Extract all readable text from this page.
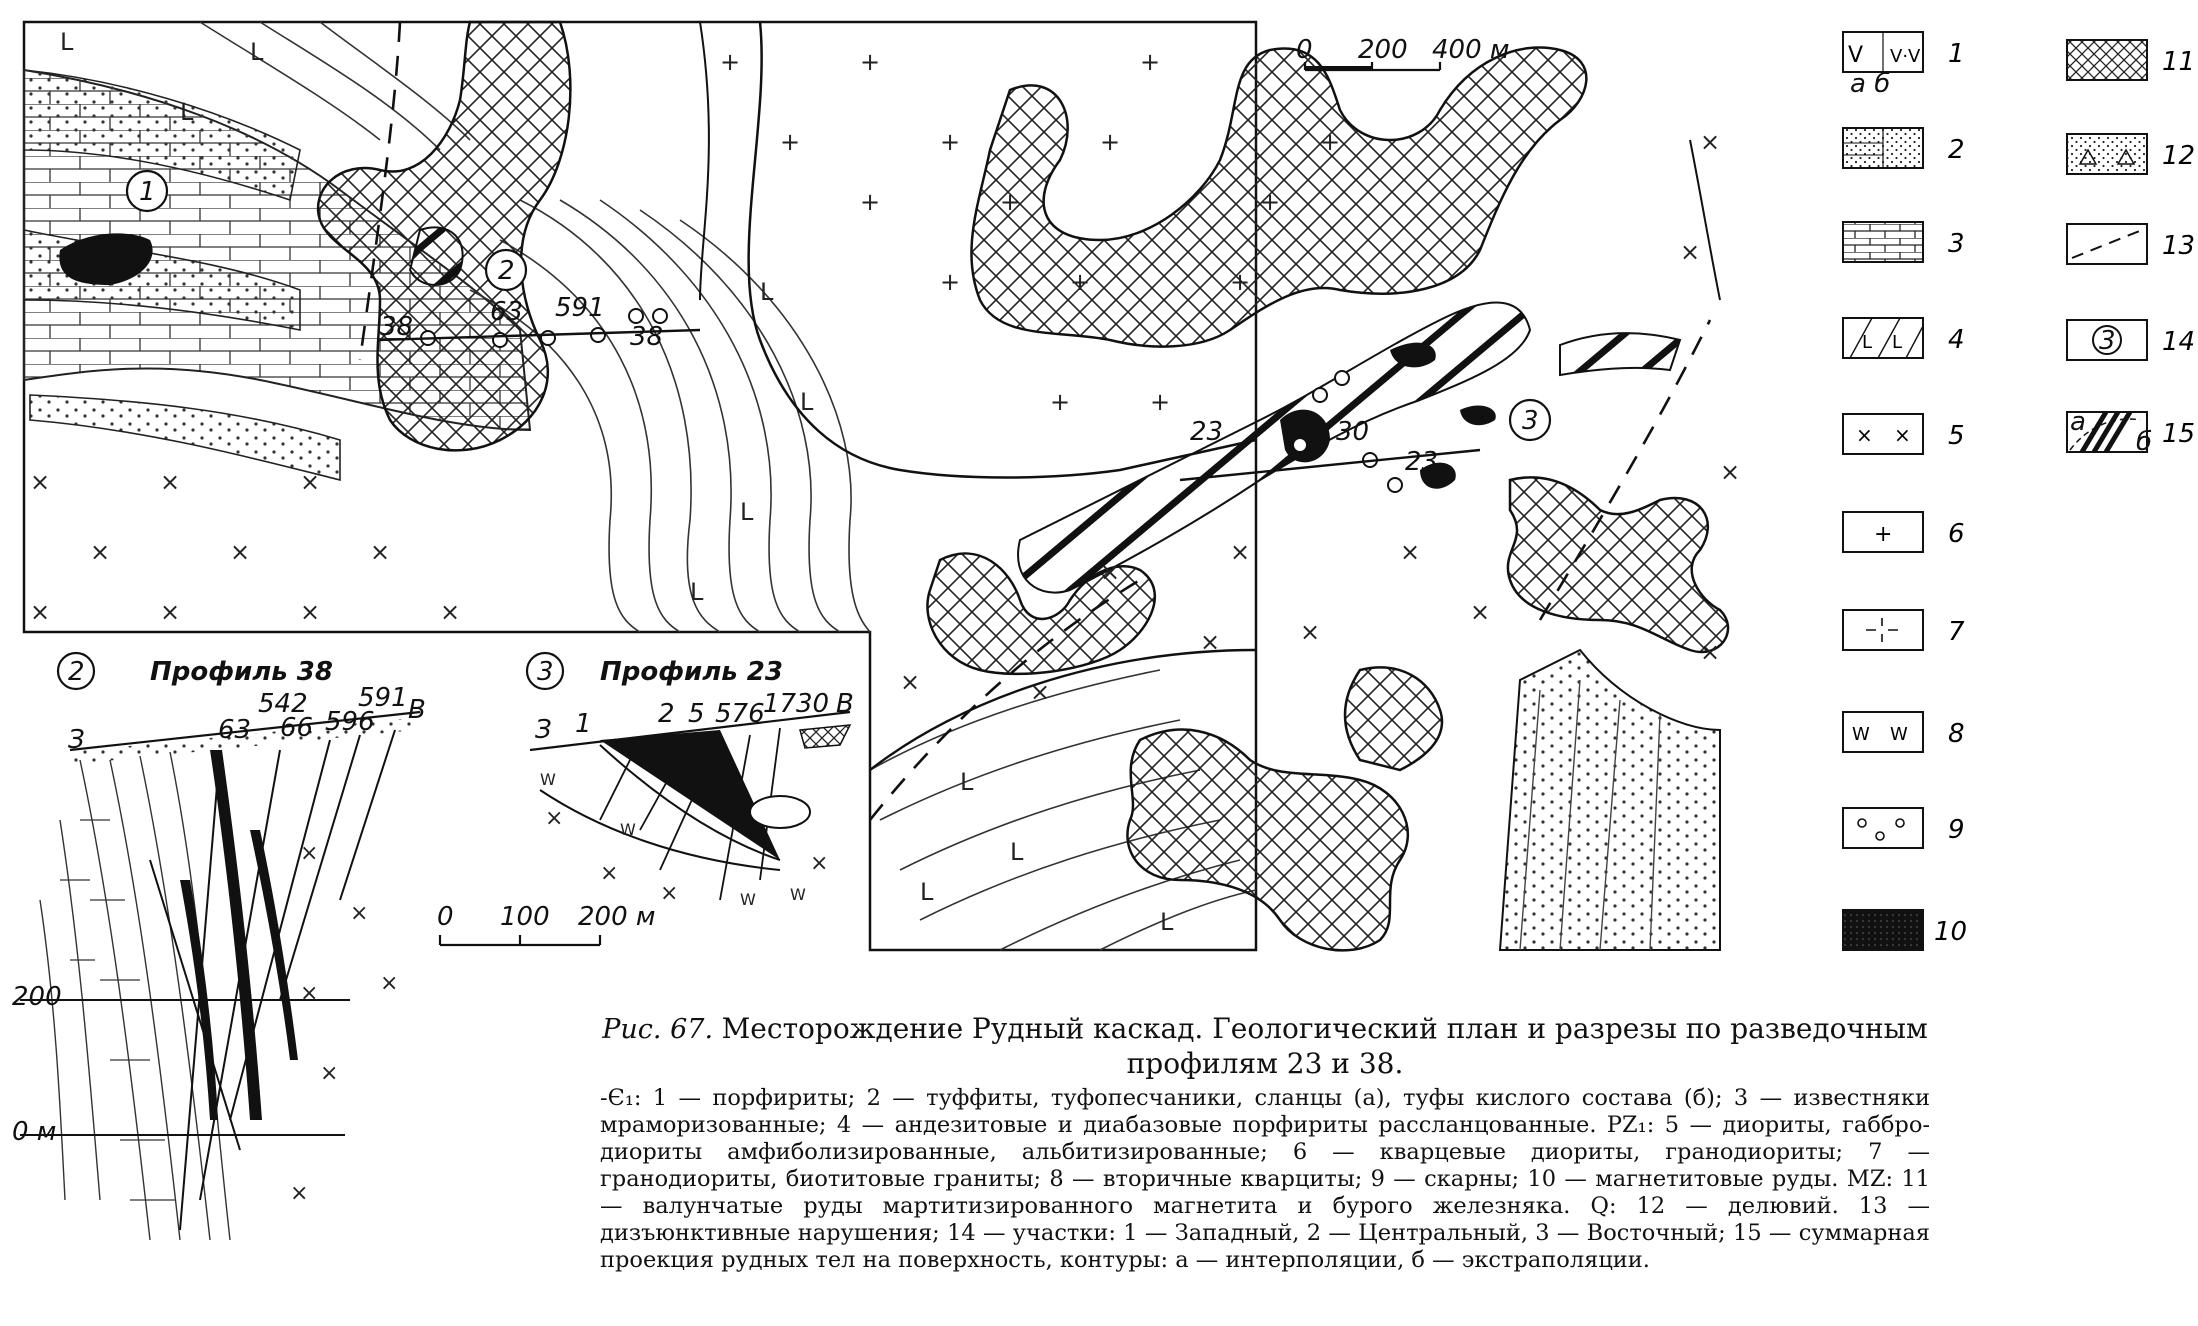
0 200 400 м
1
2
3
38	63 591
38
23	30
23
×	×	×
×	×	×
×	×	×	×
+	+	+
+	+	+	+
+	+	+
+	+	+
+	+
×
×	×
×
×
×
×
×
×
×	×
×
L
L
L
L
L
L
L
L
L
L
L
×
×
×
×
×
×
2	Профиль 38
З
В
63
542
66 596
591
200
0 м
×
×
×
×
W
W
W W
3 Профиль 23
З
В
1	2 5 576
17 30
0 100 200 м
V V·V
L L
× ×
+
W W
1
а б
2
3
4
5
6
7
8
9
10
11
12
13
14
3
15
а
б
Рис. 67. Месторождение Рудный каскад. Геологический план и разрезы по разведочным профилям 23 и 38.
-Є₁: 1 — порфириты; 2 — туффиты, туфопесчаники, сланцы (а), туфы кислого состава (б); 3 — известняки мраморизованные; 4 — андезитовые и диабазовые порфириты рассланцованные. PZ₁: 5 — диориты, габбро-диориты амфиболизированные, альбитизированные; 6 — кварцевые диориты, гранодиориты; 7 — гранодиориты, биотитовые граниты; 8 — вторичные кварциты; 9 — скарны; 10 — магнетитовые руды. MZ: 11 — валунчатые руды мартитизированного магнетита и бурого железняка. Q: 12 — делювий. 13 — дизъюнктивные нарушения; 14 — участки: 1 — Западный, 2 — Центральный, 3 — Восточный; 15 — суммарная проекция рудных тел на поверхность, контуры: а — интерполяции, б — экстраполяции.
